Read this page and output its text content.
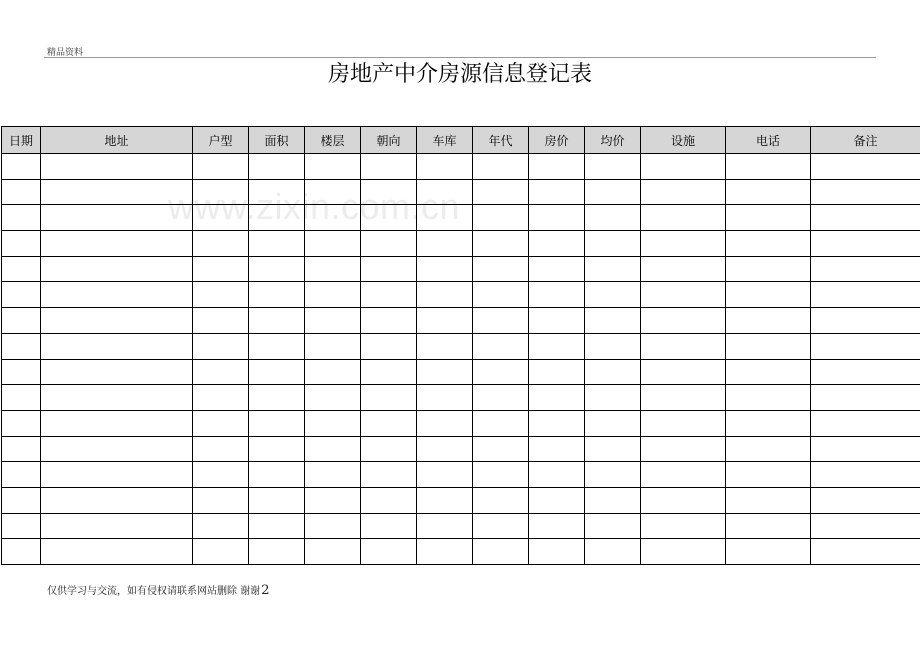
精品资料
房地产中介房源信息登记表
www.zixin.com.cn
日期	地址	户型	面积	楼层	朝向	车库	年代	房价	均价	设施	电话	备注

仅供学习与交流，如有侵权请联系网站删除 谢谢2
